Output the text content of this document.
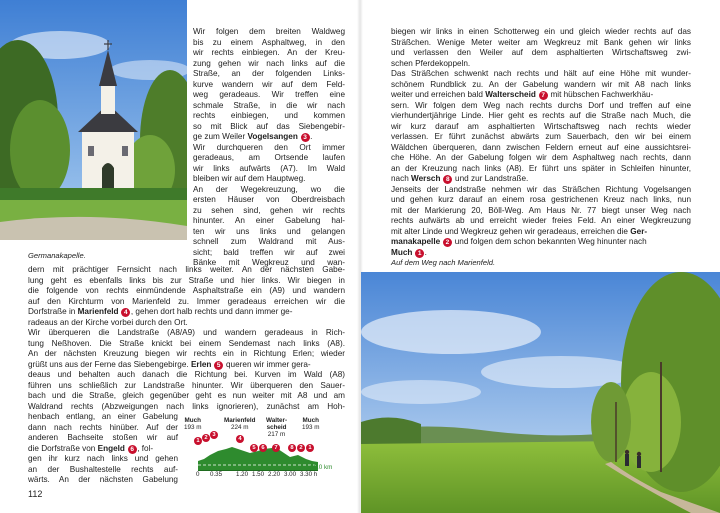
Germanakapelle.
Wir folgen dem breiten Waldweg
bis zu einem Asphaltweg, in den
wir rechts einbiegen. An der Kreu-
zung gehen wir nach links auf die
Straße, an der folgenden Links-
kurve wandern wir auf dem Feld-
weg geradeaus. Wir treffen eine
schmale Straße, in die wir nach
rechts einbiegen, und kommen
so mit Blick auf das Siebengebir-
ge zum Weiler Vogelsangen 3 .
Wir durchqueren den Ort immer
geradeaus, am Ortsende laufen
wir links aufwärts (A7). Im Wald
bleiben wir auf dem Hauptweg.
An der Wegekreuzung, wo die
ersten Häuser von Oberdreisbach
zu sehen sind, gehen wir rechts
hinunter. An einer Gabelung hal-
ten wir uns links und gelangen
schnell zum Waldrand mit Aus-
sicht; bald treffen wir auf zwei
Bänke mit Wegkreuz und wan-
dern mit prächtiger Fernsicht nach links weiter. An der nächsten Gabe-
lung geht es ebenfalls links bis zur Straße und hier links. Wir biegen in
die folgende von rechts einmündende Asphaltstraße ein (A9) und wandern
auf den Kirchturm von Marienfeld zu. Immer geradeaus erreichen wir die
Dorfstraße in Marienfeld 4 , gehen dort halb rechts und dann immer ge-
radeaus an der Kirche vorbei durch den Ort.
Wir überqueren die Landstraße (A8/A9) und wandern geradeaus in Rich-
tung Neßhoven. Die Straße knickt bei einem Sendemast nach links (A8).
An der nächsten Kreuzung biegen wir rechts ein in Richtung Erlen; wieder
grüßt uns aus der Ferne das Siebengebirge. Erlen 5 queren wir immer gera-
deaus und behalten auch danach die Richtung bei. Kurven im Wald (A8)
führen uns schließlich zur Landstraße hinunter. Wir überqueren den Sauer-
bach und die Straße, gleich gegenüber geht es nun weiter mit A8 und am
Waldrand rechts (Abzweigungen nach links ignorieren), zunächst am Hoh-
henbach entlang, an einer Gabelung
dann nach rechts hinüber. Auf der
anderen Bachseite stoßen wir auf
die Dorfstraße von Engeld 6 , fol-
gen ihr kurz nach links und gehen
an der Bushaltestelle rechts auf-
wärts. An der nächsten Gabelung
Much
193 m
Marienfeld
224 m
Walter-
scheid
217 m
Much
193 m
1 2 3
4
5 6	7	8 2 1
0 0.35 1.20 1.50 2.20 3.00 3.30 h
13.0 km
112
biegen wir links in einen Schotterweg ein und gleich wieder rechts auf das
Sträßchen. Wenige Meter weiter am Wegkreuz mit Bank gehen wir links
und verlassen den Weiler auf dem asphaltierten Wirtschaftsweg zwi-
schen Pferdekoppeln.
Das Sträßchen schwenkt nach rechts und hält auf eine Höhe mit wunder-
schönem Rundblick zu. An der Gabelung wandern wir mit A8 nach links
weiter und erreichen bald Walterscheid 7 mit hübschen Fachwerkhäu-
sern. Wir folgen dem Weg nach rechts durchs Dorf und treffen auf eine
vierhundertjährige Linde. Hier geht es rechts auf die Straße nach Much, die
wir kurz darauf am asphaltierten Wirtschaftsweg nach rechts wieder
verlassen. Er führt zunächst abwärts zum Sauerbach, den wir bei einem
Wäldchen überqueren, dann zwischen Feldern erneut auf eine aussichtsrei-
che Höhe. An der Gabelung folgen wir dem Asphaltweg nach rechts, dann
an der Kreuzung nach links (A8). Er führt uns später in Schleifen hinunter,
nach Wersch 8 und zur Landstraße.
Jenseits der Landstraße nehmen wir das Sträßchen Richtung Vogelsangen
und gehen kurz darauf an einem rosa gestrichenen Kreuz nach links, nun
mit der Markierung 20, Böll-Weg. Am Haus Nr. 77 biegt unser Weg nach
rechts aufwärts ab und erreicht wieder freies Feld. An einer Wegkreuzung
mit alter Linde und Wegkreuz gehen wir geradeaus, erreichen die Ger-
manakapelle 2 und folgen dem schon bekannten Weg hinunter nach
Much 1 .
Auf dem Weg nach Marienfeld.
